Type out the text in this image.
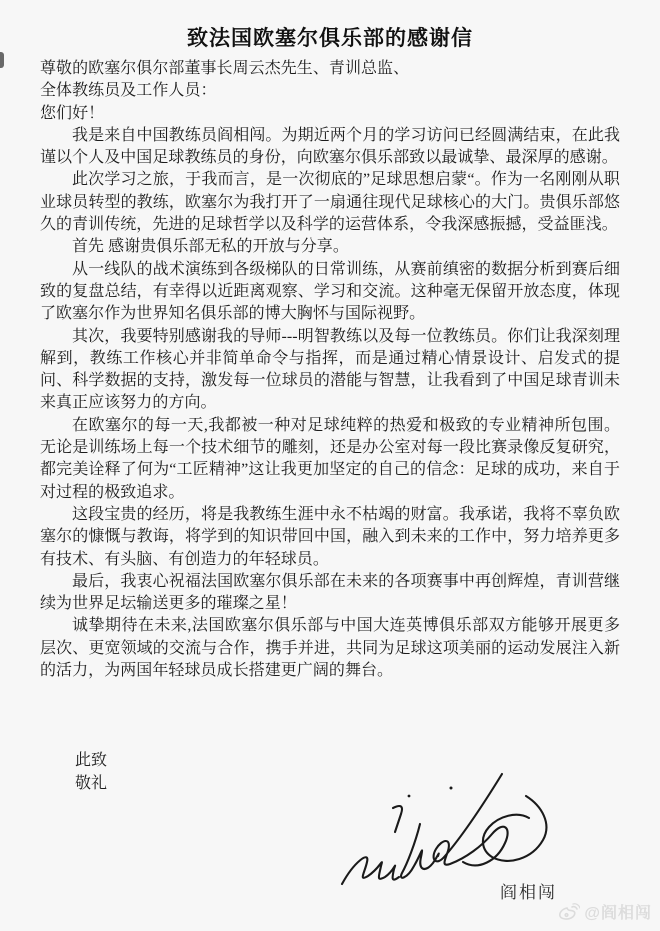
致法国欧塞尔俱乐部的感谢信

尊敬的欧塞尔俱尔部董事长周云杰先生、青训总监、

全体教练员及工作人员：

您们好！

我是来自中国教练员阎相闯。为期近两个月的学习访问已经圆满结束，在此我谨以个人及中国足球教练员的身份，向欧塞尔俱乐部致以最诚挚、最深厚的感谢。

此次学习之旅，于我而言，是一次彻底的”足球思想启蒙“。作为一名刚刚从职业球员转型的教练，欧塞尔为我打开了一扇通往现代足球核心的大门。贵俱乐部悠久的青训传统，先进的足球哲学以及科学的运营体系，令我深感振撼，受益匪浅。

首先 感谢贵俱乐部无私的开放与分享。

从一线队的战术演练到各级梯队的日常训练，从赛前缜密的数据分析到赛后细致的复盘总结，有幸得以近距离观察、学习和交流。这种毫无保留开放态度，体现了欧塞尔作为世界知名俱乐部的博大胸怀与国际视野。

其次，我要特别感谢我的导师---明智教练以及每一位教练员。你们让我深刻理解到，教练工作核心并非简单命令与指挥，而是通过精心情景设计、启发式的提问、科学数据的支持，激发每一位球员的潜能与智慧，让我看到了中国足球青训未来真正应该努力的方向。

在欧塞尔的每一天,我都被一种对足球纯粹的热爱和极致的专业精神所包围。无论是训练场上每一个技术细节的雕刻，还是办公室对每一段比赛录像反复研究，都完美诠释了何为“工匠精神”这让我更加坚定的自己的信念：足球的成功，来自于对过程的极致追求。

这段宝贵的经历，将是我教练生涯中永不枯竭的财富。我承诺，我将不辜负欧塞尔的慷慨与教诲，将学到的知识带回中国，融入到未来的工作中，努力培养更多有技术、有头脑、有创造力的年轻球员。

最后，我衷心祝福法国欧塞尔俱乐部在未来的各项赛事中再创辉煌，青训营继续为世界足坛输送更多的璀璨之星！

诚挚期待在未来,法国欧塞尔俱乐部与中国大连英博俱乐部双方能够开展更多层次、更宽领域的交流与合作，携手并进，共同为足球这项美丽的运动发展注入新的活力，为两国年轻球员成长搭建更广阔的舞台。

此致

敬礼

阎相闯
@阎相闯
